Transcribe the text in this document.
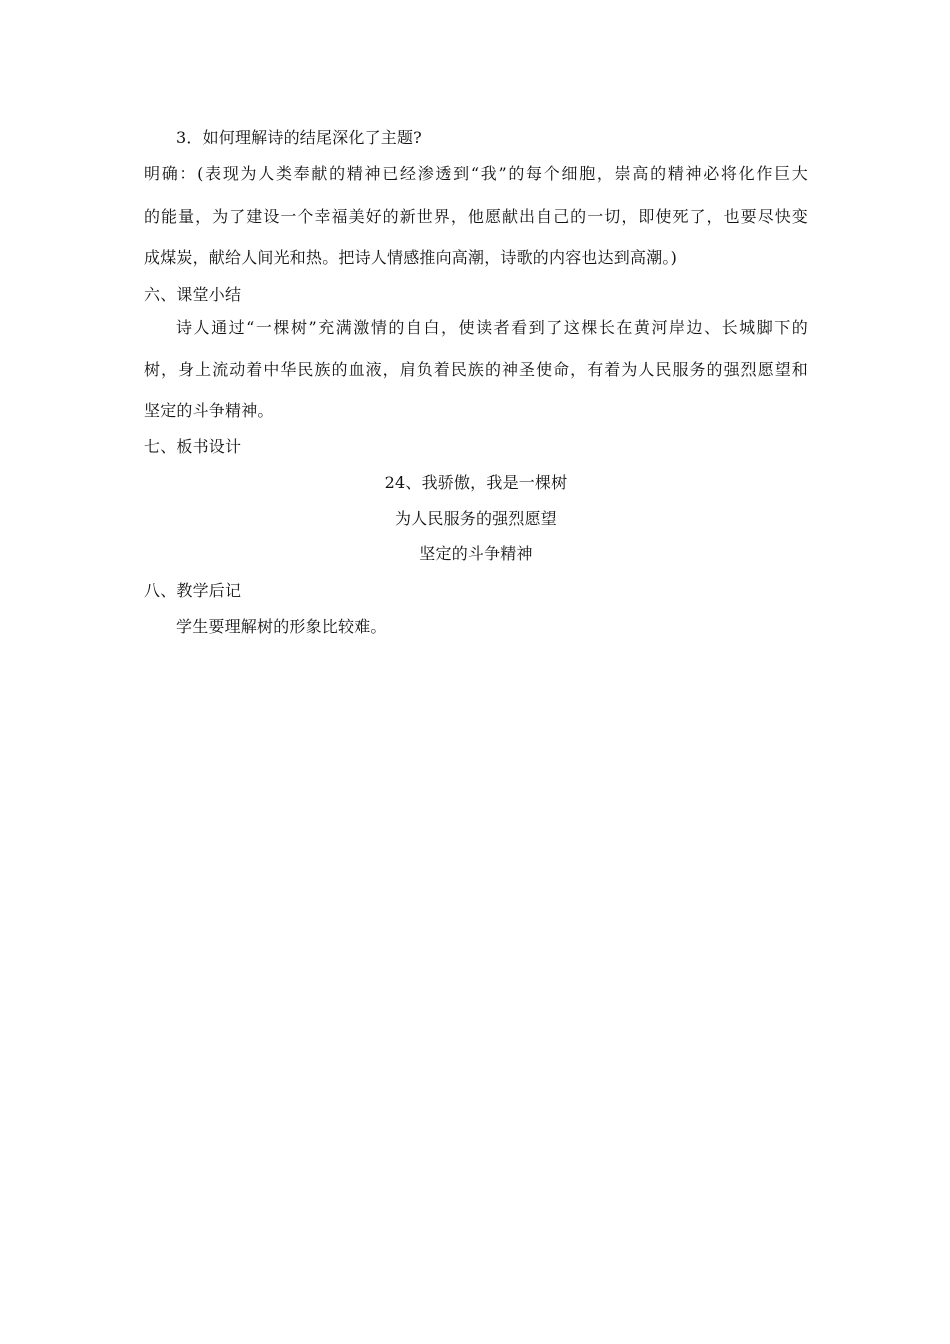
3．如何理解诗的结尾深化了主题?
明确：(表现为人类奉献的精神已经渗透到“我”的每个细胞，崇高的精神必将化作巨大
的能量，为了建设一个幸福美好的新世界，他愿献出自己的一切，即使死了，也要尽快变
成煤炭，献给人间光和热。把诗人情感推向高潮，诗歌的内容也达到高潮。)
六、课堂小结
诗人通过“一棵树”充满激情的自白，使读者看到了这棵长在黄河岸边、长城脚下的
树，身上流动着中华民族的血液，肩负着民族的神圣使命，有着为人民服务的强烈愿望和
坚定的斗争精神。
七、板书设计
24、我骄傲，我是一棵树
为人民服务的强烈愿望
坚定的斗争精神
八、教学后记
学生要理解树的形象比较难。
